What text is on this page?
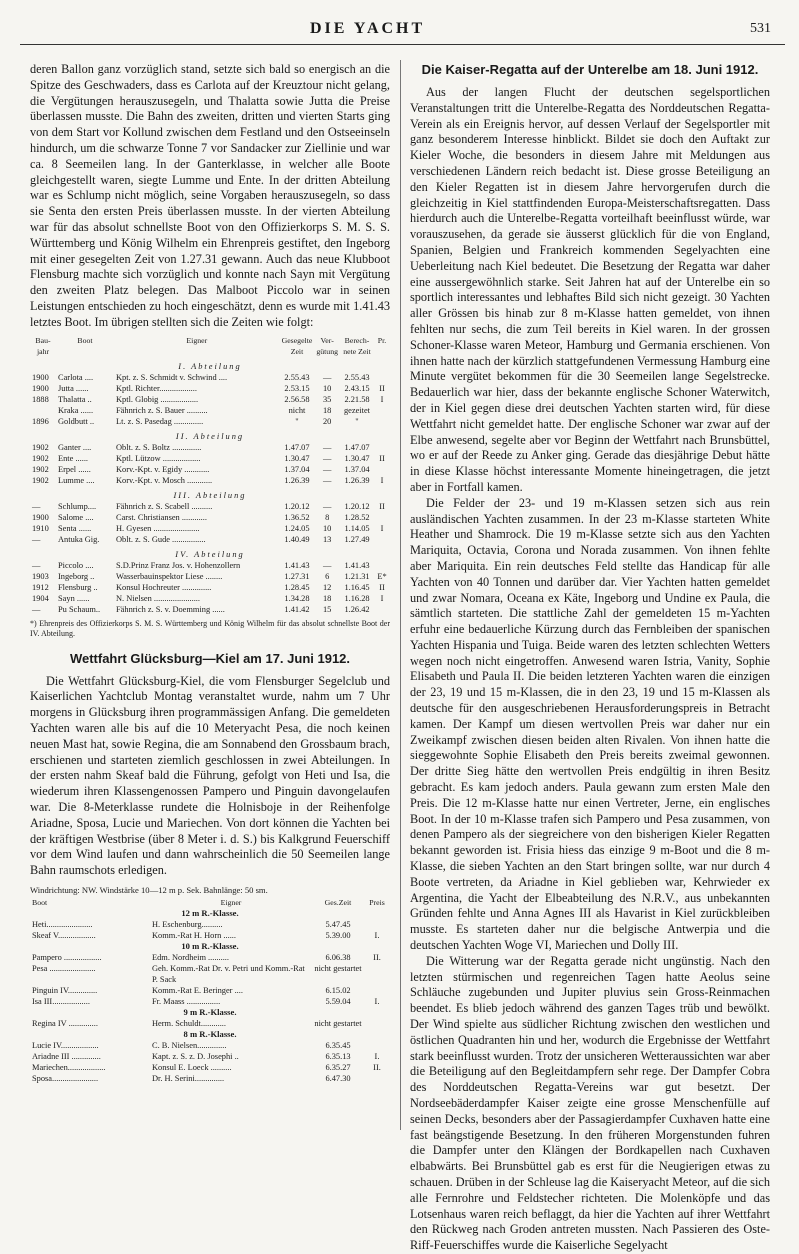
DIE YACHT	531

deren Ballon ganz vorzüglich stand, setzte sich bald so energisch an die Spitze des Geschwaders, dass es Carlota auf der Kreuztour nicht gelang, die Vergütungen herauszusegeln, und Thalatta sowie Jutta die Preise überlassen musste. Die Bahn des zweiten, dritten und vierten Starts ging von dem Start vor Kollund zwischen dem Festland und den Ostseeinseln hindurch, um die schwarze Tonne 7 vor Sandacker zur Ziellinie und war ca. 8 Seemeilen lang. In der Ganterklasse, in welcher alle Boote gleichgestellt waren, siegte Lumme und Ente. In der dritten Abteilung war es Schlump nicht möglich, seine Vorgaben herauszusegeln, so dass sie Senta den ersten Preis überlassen musste. In der vierten Abteilung war für das absolut schnellste Boot von den Offizierkorps S. M. S. S. Württemberg und König Wilhelm ein Ehrenpreis gestiftet, den Ingeborg mit einer gesegelten Zeit von 1.27.31 gewann. Auch das neue Klubboot Flensburg machte sich vorzüglich und konnte nach Sayn mit Vergütung den zweiten Platz belegen. Das Malboot Piccolo war in seinen Leistungen entschieden zu hoch eingeschätzt, denn es wurde mit 1.41.43 letztes Boot. Im übrigen stellten sich die Zeiten wie folgt:

Bau-jahr	Boot	Eigner	Gesegelte Zeit	Ver-gütung	Berech-nete Zeit	Pr.
I. Abteilung						
1900	Carlota ....	Kpt. z. S. Schmidt v. Schwind ....	2.55.43	—	2.55.43	
1900	Jutta ......	Kptl. Richter..................	2.53.15	10	2.43.15	II
1888	Thalatta ..	Kptl. Globig ..................	2.56.58	35	2.21.58	I
	Kraka ......	Fähnrich z. S. Bauer ..........	nicht	18	gezeitet	
1896	Goldbutt ..	Lt. z. S. Pasedag ..............	"	20	"	
II. Abteilung						
1902	Ganter ....	Oblt. z. S. Boltz ..............	1.47.07	—	1.47.07	
1902	Ente ......	Kptl. Lützow ..................	1.30.47	—	1.30.47	II
1902	Erpel ......	Korv.-Kpt. v. Egidy ............	1.37.04	—	1.37.04	
1902	Lumme ....	Korv.-Kpt. v. Mosch ............	1.26.39	—	1.26.39	I
III. Abteilung						
—	Schlump....	Fähnrich z. S. Scabell ..........	1.20.12	—	1.20.12	II
1900	Salome ....	Carst. Christiansen ............	1.36.52	8	1.28.52	
1910	Senta ......	H. Gyesen ......................	1.24.05	10	1.14.05	I
—	Antuka Gig.	Oblt. z. S. Gude ................	1.40.49	13	1.27.49	
IV. Abteilung						
—	Piccolo ....	S.D.Prinz Franz Jos. v. Hohenzollern	1.41.43	—	1.41.43	
1903	Ingeborg ..	Wasserbauinspektor Liese ........	1.27.31	6	1.21.31	E*
1912	Flensburg ..	Konsul Hochreuter ..............	1.28.45	12	1.16.45	II
1904	Sayn ......	N. Nielsen ......................	1.34.28	18	1.16.28	I
—	Pu Schaum..	Fähnrich z. S. v. Doemming ......	1.41.42	15	1.26.42	

*) Ehrenpreis des Offizierkorps S. M. S. Württemberg und König Wilhelm für das absolut schnellste Boot der IV. Abteilung.

Wettfahrt Glücksburg—Kiel am 17. Juni 1912.

Die Wettfahrt Glücksburg-Kiel, die vom Flensburger Segelclub und Kaiserlichen Yachtclub Montag veranstaltet wurde, nahm um 7 Uhr morgens in Glücksburg ihren programmässigen Anfang. Die gemeldeten Yachten waren alle bis auf die 10 Meteryacht Pesa, die noch keinen neuen Mast hat, sowie Regina, die am Sonnabend den Grossbaum brach, erschienen und starteten ziemlich geschlossen in zwei Abteilungen. In der ersten nahm Skeaf bald die Führung, gefolgt von Heti und Isa, die wiederum ihren Klassengenossen Pampero und Pinguin davongelaufen war. Die 8-Meterklasse rundete die Holnisboje in der Reihenfolge Ariadne, Sposa, Lucie und Mariechen. Von dort können die Yachten bei der kräftigen Westbrise (über 8 Meter i. d. S.) bis Kalkgrund Feuerschiff vor dem Wind laufen und dann wahrscheinlich die 50 Seemeilen lange Bahn raumschots erledigen.

Windrichtung: NW. Windstärke 10—12 m p. Sek. Bahnlänge: 50 sm.
Boot	Eigner	Ges.Zeit	Preis
12 m R.-Klasse.			
Heti......................	H. Eschenburg..........	5.47.45	
Skeaf V..................	Komm.-Rat H. Horn ......	5.39.00	I.
10 m R.-Klasse.			
Pampero ..................	Edm. Nordheim ..........	6.06.38	II.
Pesa ......................	Geh. Komm.-Rat Dr. v. Petri und Komm.-Rat P. Sack	nicht gestartet	
Pinguin IV..............	Komm.-Rat E. Beringer ....	6.15.02	
Isa III..................	Fr. Maass ................	5.59.04	I.
9 m R.-Klasse.			
Regina IV ..............	Herm. Schuldt............	nicht gestartet	
8 m R.-Klasse.			
Lucie IV..................	C. B. Nielsen..............	6.35.45	
Ariadne III ..............	Kapt. z. S. z. D. Josephi ..	6.35.13	I.
Mariechen..................	Konsul E. Loeck ..........	6.35.27	II.
Sposa......................	Dr. H. Serini..............	6.47.30	
Die Kaiser-Regatta auf der Unterelbe am 18. Juni 1912.

Aus der langen Flucht der deutschen segelsportlichen Veranstaltungen tritt die Unterelbe-Regatta des Norddeutschen Regatta-Verein als ein Ereignis hervor, auf dessen Verlauf der Segelsportler mit ganz besonderem Interesse hinblickt. Bildet sie doch den Auftakt zur Kieler Woche, die besonders in diesem Jahre mit Meldungen aus verschiedenen Ländern reich bedacht ist. Diese grosse Beteiligung an den Kieler Regatten ist in diesem Jahre hervorgerufen durch die gleichzeitig in Kiel stattfindenden Europa-Meisterschaftsregatten. Dass hierdurch auch die Unterelbe-Regatta vorteilhaft beeinflusst würde, war vorauszusehen, da gerade sie äusserst glücklich für die von England, Spanien, Belgien und Frankreich kommenden Segelyachten eine Ueberleitung nach Kiel bedeutet. Die Besetzung der Regatta war daher eine aussergewöhnlich starke. Seit Jahren hat auf der Unterelbe ein so sportlich interessantes und lebhaftes Bild sich nicht gezeigt. 30 Yachten aller Grössen bis hinab zur 8 m-Klasse hatten gemeldet, von ihnen fehlten nur sechs, die zum Teil bereits in Kiel waren. In der grossen Schoner-Klasse waren Meteor, Hamburg und Germania erschienen. Von ihnen hatte nach der kürzlich stattgefundenen Vermessung Hamburg eine Minute vergütet bekommen für die 30 Seemeilen lange Segelstrecke. Bedauerlich war hier, dass der bekannte englische Schoner Waterwitch, der in Kiel gegen diese drei deutschen Yachten starten wird, für diese Wettfahrt nicht gemeldet hatte. Der englische Schoner war zwar auf der Elbe anwesend, segelte aber vor Beginn der Wettfahrt nach Brunsbüttel, wo er auf der Reede zu Anker ging. Gerade das diesjährige Debut hätte in diese Klasse höchst interessante Momente hineingetragen, die jetzt aber in Fortfall kamen.

Die Felder der 23- und 19 m-Klassen setzen sich aus rein ausländischen Yachten zusammen. In der 23 m-Klasse starteten White Heather und Shamrock. Die 19 m-Klasse setzte sich aus den Yachten Mariquita, Octavia, Corona und Norada zusammen. Von ihnen fehlte aber Mariquita. Ein rein deutsches Feld stellte das Handicap für alle Yachten von 40 Tonnen und darüber dar. Vier Yachten hatten gemeldet und zwar Nomara, Oceana ex Käte, Ingeborg und Undine ex Paula, die sämtlich starteten. Die stattliche Zahl der gemeldeten 15 m-Yachten erfuhr eine bedauerliche Kürzung durch das Fernbleiben der spanischen Yachten Hispania und Tuiga. Beide waren des letzten schlechten Wetters wegen noch nicht eingetroffen. Anwesend waren Istria, Vanity, Sophie Elisabeth und Paula II. Die beiden letzteren Yachten waren die einzigen der 23, 19 und 15 m-Klassen, die in den 23, 19 und 15 m-Klassen als deutsche für den ausgeschriebenen Herausforderungspreis in Betracht kamen. Der Kampf um diesen wertvollen Preis war daher nur ein Zweikampf zwischen diesen beiden alten Rivalen. Von ihnen hatte die sieggewohnte Sophie Elisabeth den Preis bereits zweimal gewonnen. Der dritte Sieg hätte den wertvollen Preis endgültig in ihren Besitz gebracht. Es kam jedoch anders. Paula gewann zum ersten Male den Preis. Die 12 m-Klasse hatte nur einen Vertreter, Jerne, ein englisches Boot. In der 10 m-Klasse trafen sich Pampero und Pesa zusammen, von denen Pampero als der siegreichere von den bisherigen Kieler Regatten bekannt geworden ist. Frisia hiess das einzige 9 m-Boot und die 8 m-Klasse, die sieben Yachten an den Start bringen sollte, war nur durch 4 Boote vertreten, da Ariadne in Kiel geblieben war, Kehrwieder ex Argentina, die Yacht der Elbeabteilung des N.R.V., aus unbekannten Gründen fehlte und Anna Agnes III als Havarist in Kiel zurückbleiben musste. Es starteten daher nur die belgische Antwerpia und die deutschen Yachten Woge VI, Mariechen und Dolly III.

Die Witterung war der Regatta gerade nicht ungünstig. Nach den letzten stürmischen und regenreichen Tagen hatte Aeolus seine Schläuche zugebunden und Jupiter pluvius sein Gross-Reinmachen beendet. Es blieb jedoch während des ganzen Tages trüb und bewölkt. Der Wind spielte aus südlicher Richtung zwischen den westlichen und östlichen Quadranten hin und her, wodurch die Ergebnisse der Wettfahrt stark beeinflusst wurden. Trotz der unsicheren Wetteraussichten war aber die Beteiligung auf den Begleitdampfern sehr rege. Der Dampfer Cobra des Norddeutschen Regatta-Vereins war gut besetzt. Der Nordseebäderdampfer Kaiser zeigte eine grosse Menschenfülle auf seinen Decks, besonders aber der Passagierdampfer Cuxhaven hatte eine fast beängstigende Besetzung. In den früheren Morgenstunden fuhren die Dampfer unter den Klängen der Bordkapellen nach Cuxhaven elbabwärts. Bei Brunsbüttel gab es erst für die Neugierigen etwas zu schauen. Drüben in der Schleuse lag die Kaiseryacht Meteor, auf die sich alle Fernrohre und Feldstecher richteten. Die Molenköpfe und das Lotsenhaus waren reich beflaggt, da hier die Yachten auf ihrer Wettfahrt den Rückweg nach Groden antreten mussten. Nach Passieren des Oste-Riff-Feuerschiffes wurde die Kaiserliche Segelyacht
